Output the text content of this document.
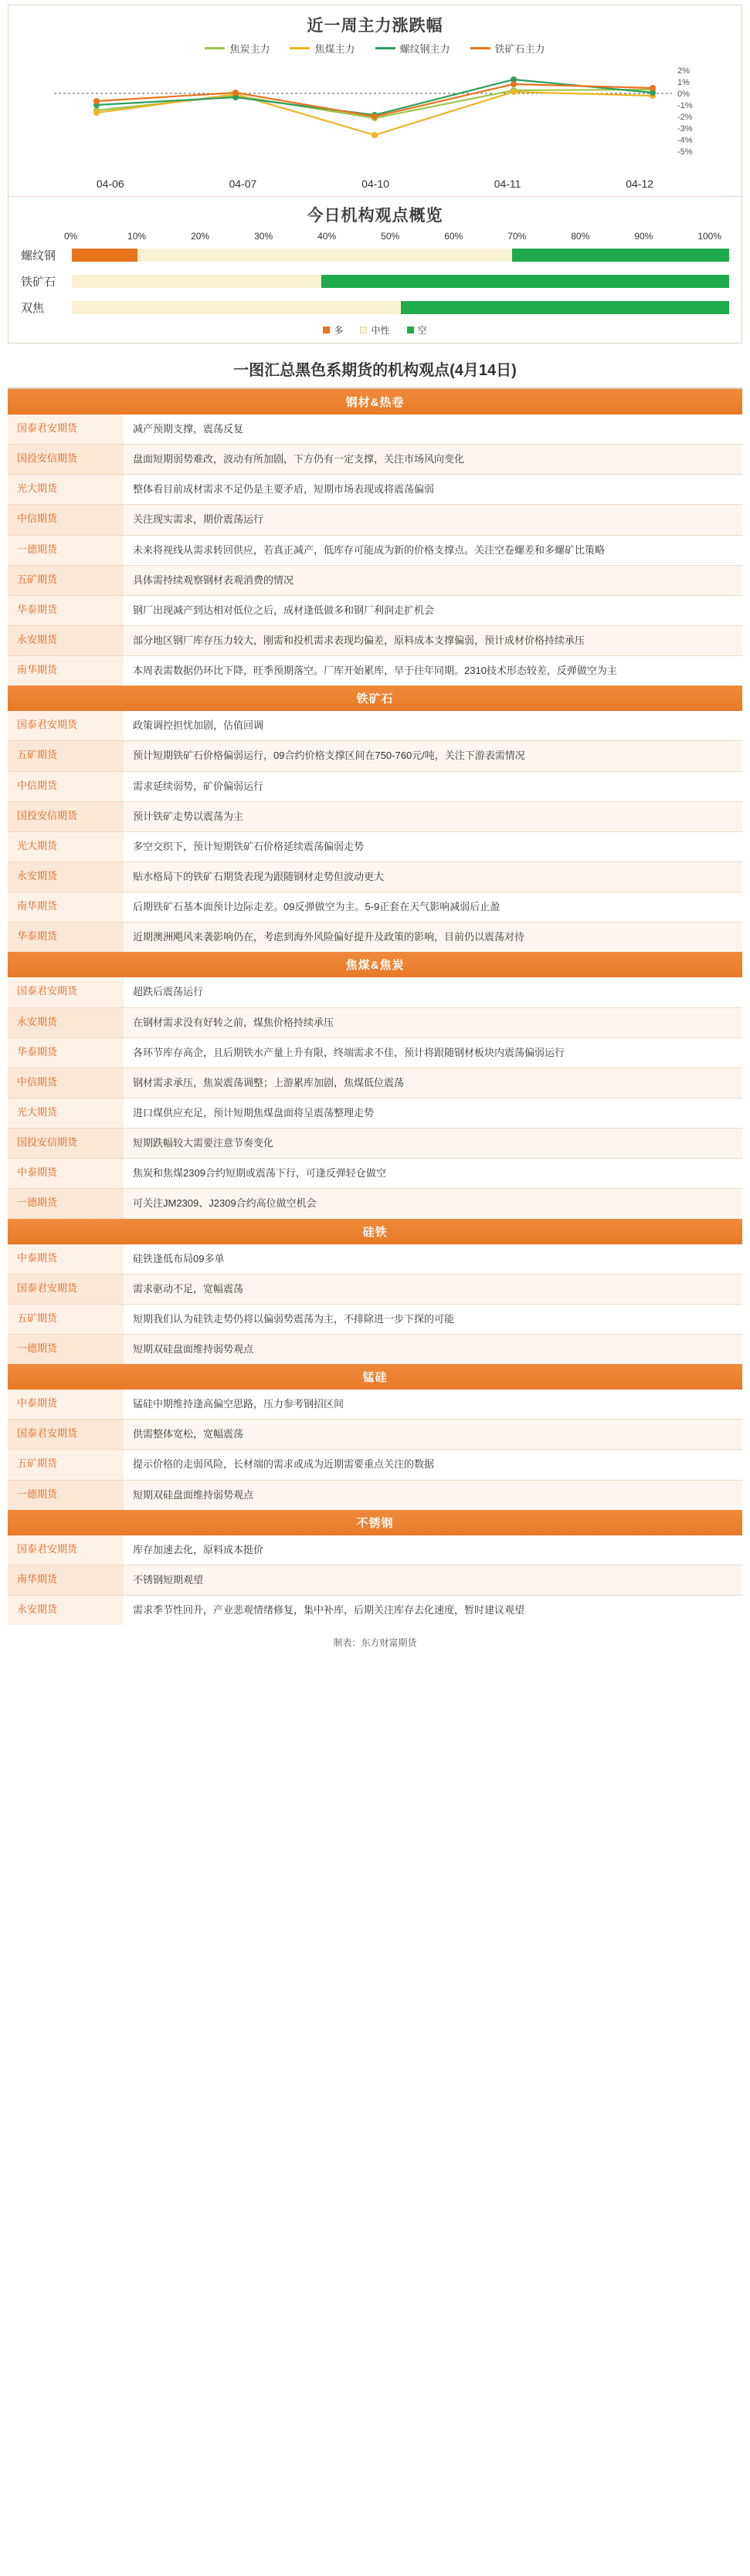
近一周主力涨跌幅
焦炭主力	焦煤主力	螺纹钢主力	铁矿石主力
2%
1%
0%
-1%
-2%
-3%
-4%
-5%
04-06	04-07	04-10	04-11	04-12
今日机构观点概览
0%	10%	20%	30%	40%	50%	60%	70%	80%	90%	100%
螺纹钢
铁矿石
双焦
多	中性	空
一图汇总黑色系期货的机构观点(4月14日)
钢材&热卷
国泰君安期货	减产预期支撑，震荡反复
国投安信期货	盘面短期弱势难改，波动有所加剧，下方仍有一定支撑，关注市场风向变化
光大期货	整体看目前成材需求不足仍是主要矛盾，短期市场表现或将震荡偏弱
中信期货	关注现实需求，期价震荡运行
一德期货	未来将视线从需求转回供应，若真正减产，低库存可能成为新的价格支撑点。关注空卷螺差和多螺矿比策略
五矿期货	具体需持续观察钢材表观消费的情况
华泰期货	钢厂出现减产到达相对低位之后，成材逢低做多和钢厂利润走扩机会
永安期货	部分地区钢厂库存压力较大，刚需和投机需求表现均偏差，原料成本支撑偏弱，预计成材价格持续承压
南华期货	本周表需数据仍环比下降，旺季预期落空。厂库开始累库，早于往年同期。2310技术形态较差，反弹做空为主
铁矿石
国泰君安期货	政策调控担忧加剧，估值回调
五矿期货	预计短期铁矿石价格偏弱运行，09合约价格支撑区间在750-760元/吨，关注下游表需情况
中信期货	需求延续弱势，矿价偏弱运行
国投安信期货	预计铁矿走势以震荡为主
光大期货	多空交织下，预计短期铁矿石价格延续震荡偏弱走势
永安期货	贴水格局下的铁矿石期货表现为跟随钢材走势但波动更大
南华期货	后期铁矿石基本面预计边际走差。09反弹做空为主。5-9正套在天气影响减弱后止盈
华泰期货	近期澳洲飓风来袭影响仍在，考虑到海外风险偏好提升及政策的影响，目前仍以震荡对待
焦煤&焦炭
国泰君安期货	超跌后震荡运行
永安期货	在钢材需求没有好转之前，煤焦价格持续承压
华泰期货	各环节库存高企，且后期铁水产量上升有限，终端需求不佳，预计将跟随钢材板块内震荡偏弱运行
中信期货	钢材需求承压，焦炭震荡调整；上游累库加剧，焦煤低位震荡
光大期货	进口煤供应充足，预计短期焦煤盘面将呈震荡整理走势
国投安信期货	短期跌幅较大需要注意节奏变化
中泰期货	焦炭和焦煤2309合约短期或震荡下行，可逢反弹轻仓做空
一德期货	可关注JM2309、J2309合约高位做空机会
硅铁
中泰期货	硅铁逢低布局09多单
国泰君安期货	需求驱动不足，宽幅震荡
五矿期货	短期我们认为硅铁走势仍将以偏弱势震荡为主，不排除进一步下探的可能
一德期货	短期双硅盘面维持弱势观点
锰硅
中泰期货	锰硅中期维持逢高偏空思路，压力参考钢招区间
国泰君安期货	供需整体宽松，宽幅震荡
五矿期货	提示价格的走弱风险，长材端的需求或成为近期需要重点关注的数据
一德期货	短期双硅盘面维持弱势观点
不锈钢
国泰君安期货	库存加速去化，原料成本挺价
南华期货	不锈钢短期观望
永安期货	需求季节性回升，产业悲观情绪修复，集中补库，后期关注库存去化速度，暂时建议观望
制表：东方财富期货
